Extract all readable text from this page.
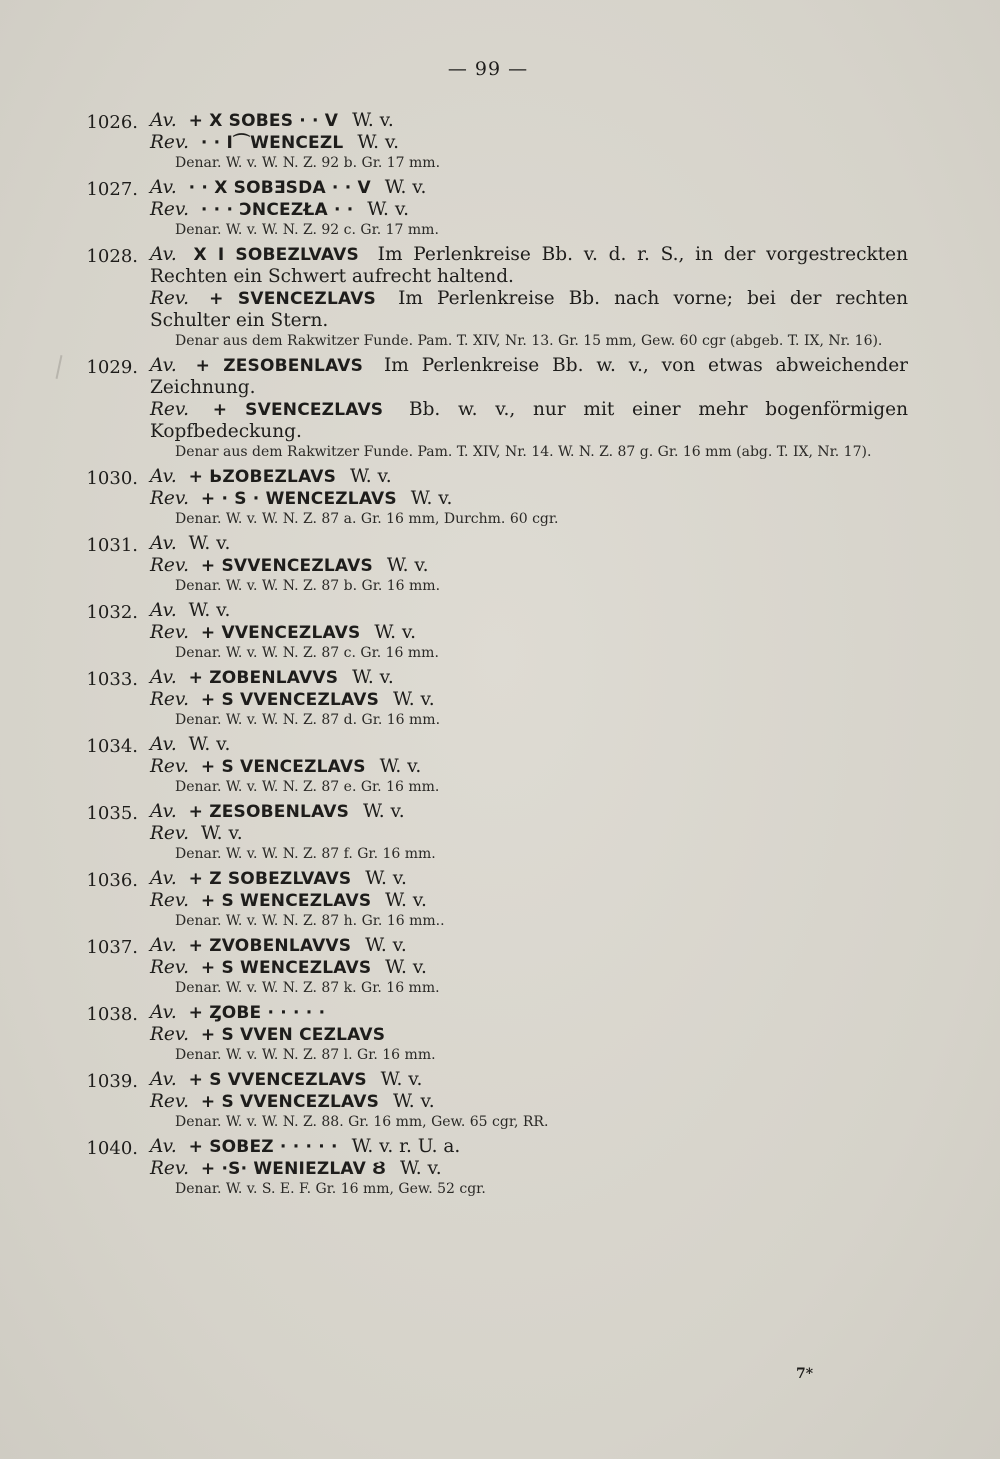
— 99 —
1026. Av. + X SOBES · · V W. v.
Rev. · · I⌒WENCEZL W. v.
Denar. W. v. W. N. Z. 92 b. Gr. 17 mm.
1027. Av. · · X SOBƎSDA · · V W. v.
Rev. · · · ƆNCEZŁA · · W. v.
Denar. W. v. W. N. Z. 92 c. Gr. 17 mm.
1028. Av. X I SOBEZLVAVS Im Perlenkreise Bb. v. d. r. S., in der vorgestreckten Rechten ein Schwert aufrecht haltend.
Rev. + SVENCEZLAVS Im Perlenkreise Bb. nach vorne; bei der rechten Schulter ein Stern.
Denar aus dem Rakwitzer Funde. Pam. T. XIV, Nr. 13. Gr. 15 mm, Gew. 60 cgr (abgeb. T. IX, Nr. 16).
1029. Av. + ZESOBENLAVS Im Perlenkreise Bb. w. v., von etwas abweichender Zeichnung.
Rev. + SVENCEZLAVS Bb. w. v., nur mit einer mehr bogenförmigen Kopfbedeckung.
Denar aus dem Rakwitzer Funde. Pam. T. XIV, Nr. 14. W. N. Z. 87 g. Gr. 16 mm (abg. T. IX, Nr. 17).
1030. Av. + ЬZOBEZLAVS W. v.
Rev. + · S · WENCEZLAVS W. v.
Denar. W. v. W. N. Z. 87 a. Gr. 16 mm, Durchm. 60 cgr.
1031. Av. W. v.
Rev. + SVVENCEZLAVS W. v.
Denar. W. v. W. N. Z. 87 b. Gr. 16 mm.
1032. Av. W. v.
Rev. + VVENCEZLAVS W. v.
Denar. W. v. W. N. Z. 87 c. Gr. 16 mm.
1033. Av. + ZOBENLAVVS W. v.
Rev. + S VVENCEZLAVS W. v.
Denar. W. v. W. N. Z. 87 d. Gr. 16 mm.
1034. Av. W. v.
Rev. + S VENCEZLAVS W. v.
Denar. W. v. W. N. Z. 87 e. Gr. 16 mm.
1035. Av. + ZESOBENLAVS W. v.
Rev. W. v.
Denar. W. v. W. N. Z. 87 f. Gr. 16 mm.
1036. Av. + Z SOBEZLVAVS W. v.
Rev. + S WENCEZLAVS W. v.
Denar. W. v. W. N. Z. 87 h. Gr. 16 mm..
1037. Av. + ZVOBENLAVVS W. v.
Rev. + S WENCEZLAVS W. v.
Denar. W. v. W. N. Z. 87 k. Gr. 16 mm.
1038. Av. + ȤOBE · · · · ·
Rev. + S VVEN CEZLAVS
Denar. W. v. W. N. Z. 87 l. Gr. 16 mm.
1039. Av. + S VVENCEZLAVS W. v.
Rev. + S VVENCEZLAVS W. v.
Denar. W. v. W. N. Z. 88. Gr. 16 mm, Gew. 65 cgr, RR.
1040. Av. + SOBEZ · · · · · W. v. r. U. a.
Rev. + ·S· WENIEZLAV Ȣ W. v.
Denar. W. v. S. E. F. Gr. 16 mm, Gew. 52 cgr.
7*
